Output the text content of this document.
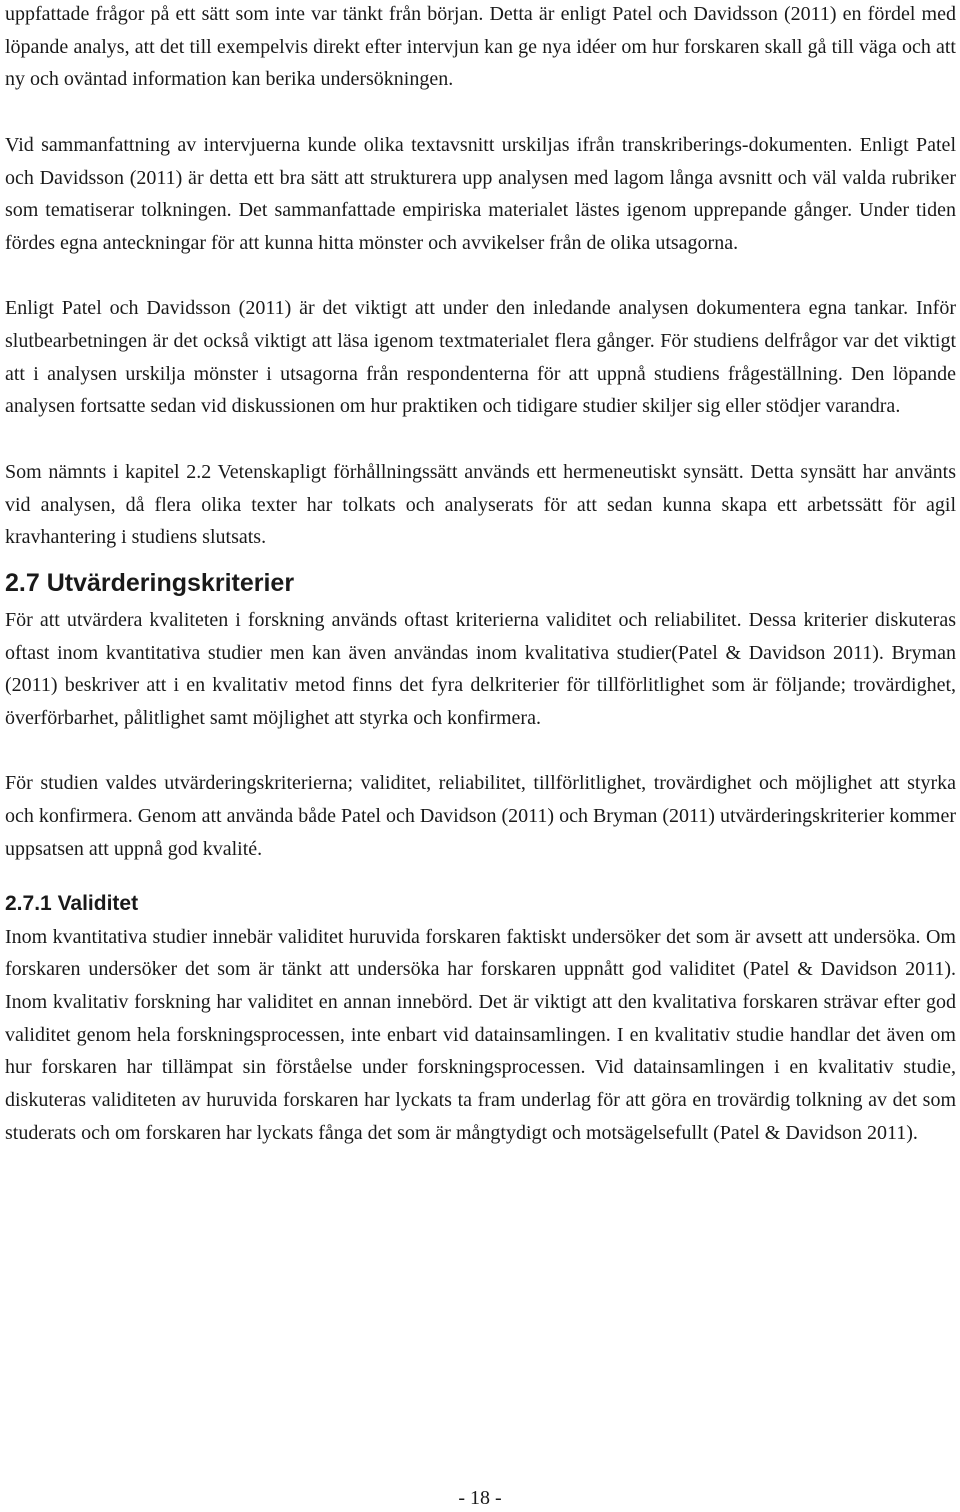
uppfattade frågor på ett sätt som inte var tänkt från början. Detta är enligt Patel och Davidsson (2011) en fördel med löpande analys, att det till exempelvis direkt efter intervjun kan ge nya idéer om hur forskaren skall gå till väga och att ny och oväntad information kan berika undersökningen.

Vid sammanfattning av intervjuerna kunde olika textavsnitt urskiljas ifrån transkriberings-dokumenten. Enligt Patel och Davidsson (2011) är detta ett bra sätt att strukturera upp analysen med lagom långa avsnitt och väl valda rubriker som tematiserar tolkningen. Det sammanfattade empiriska materialet lästes igenom upprepande gånger. Under tiden fördes egna anteckningar för att kunna hitta mönster och avvikelser från de olika utsagorna.

Enligt Patel och Davidsson (2011) är det viktigt att under den inledande analysen dokumentera egna tankar. Inför slutbearbetningen är det också viktigt att läsa igenom textmaterialet flera gånger. För studiens delfrågor var det viktigt att i analysen urskilja mönster i utsagorna från respondenterna för att uppnå studiens frågeställning. Den löpande analysen fortsatte sedan vid diskussionen om hur praktiken och tidigare studier skiljer sig eller stödjer varandra.

Som nämnts i kapitel 2.2 Vetenskapligt förhållningssätt används ett hermeneutiskt synsätt. Detta synsätt har använts vid analysen, då flera olika texter har tolkats och analyserats för att sedan kunna skapa ett arbetssätt för agil kravhantering i studiens slutsats.

2.7 Utvärderingskriterier

För att utvärdera kvaliteten i forskning används oftast kriterierna validitet och reliabilitet. Dessa kriterier diskuteras oftast inom kvantitativa studier men kan även användas inom kvalitativa studier(Patel & Davidson 2011). Bryman (2011) beskriver att i en kvalitativ metod finns det fyra delkriterier för tillförlitlighet som är följande; trovärdighet, överförbarhet, pålitlighet samt möjlighet att styrka och konfirmera.

För studien valdes utvärderingskriterierna; validitet, reliabilitet, tillförlitlighet, trovärdighet och möjlighet att styrka och konfirmera. Genom att använda både Patel och Davidson (2011) och Bryman (2011) utvärderingskriterier kommer uppsatsen att uppnå god kvalité.

2.7.1 Validitet

Inom kvantitativa studier innebär validitet huruvida forskaren faktiskt undersöker det som är avsett att undersöka. Om forskaren undersöker det som är tänkt att undersöka har forskaren uppnått god validitet (Patel & Davidson 2011). Inom kvalitativ forskning har validitet en annan innebörd. Det är viktigt att den kvalitativa forskaren strävar efter god validitet genom hela forskningsprocessen, inte enbart vid datainsamlingen. I en kvalitativ studie handlar det även om hur forskaren har tillämpat sin förståelse under forskningsprocessen. Vid datainsamlingen i en kvalitativ studie, diskuteras validiteten av huruvida forskaren har lyckats ta fram underlag för att göra en trovärdig tolkning av det som studerats och om forskaren har lyckats fånga det som är mångtydigt och motsägelsefullt (Patel & Davidson 2011).

- 18 -
